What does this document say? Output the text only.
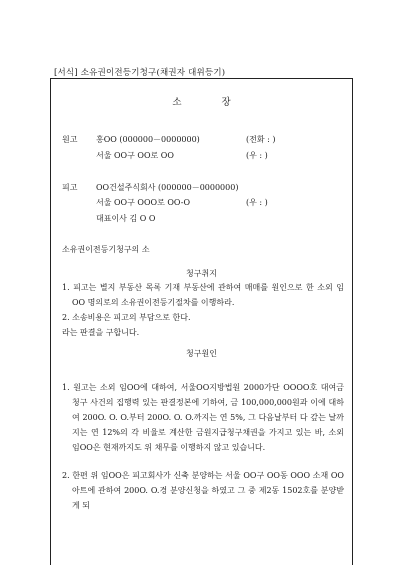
[서식] 소유권이전등기청구(채권자 대위등기)
소	장
원고 홍OO (000000－0000000)	(전화 : )
서울 OO구 OO로 OO	(우 : )
피고 OO건설주식회사 (000000－0000000)
서울 OO구 OOO로 OO-O	(우 : )
대표이사 김 O O
소유권이전등기청구의 소
청구취지
1. 피고는 별지 부동산 목록 기재 부동산에 관하여 매매를 원인으로 한 소외 임OO 명의로의 소유권이전등기절차를 이행하라.
2. 소송비용은 피고의 부담으로 한다.
라는 판결을 구합니다.
청구원인
1. 원고는 소외 임OO에 대하여, 서울OO지방법원 2000가단 OOOO호 대여금 청구 사건의 집행력 있는 판결정본에 기하여, 금 100,000,000원과 이에 대하여 200O. O. O.부터 200O. O. O.까지는 연 5%, 그 다음날부터 다 갚는 날까지는 연 12%의 각 비율로 계산한 금원지급청구채권을 가지고 있는 바, 소외 임OO은 현재까지도 위 채무를 이행하지 않고 있습니다.
2. 한편 위 임OO은 피고회사가 신축 분양하는 서울 OO구 OO동 OOO 소재 OO아트에 관하여 200O. O.경 분양신청을 하였고 그 중 제2동 1502호를 분양받게 되
